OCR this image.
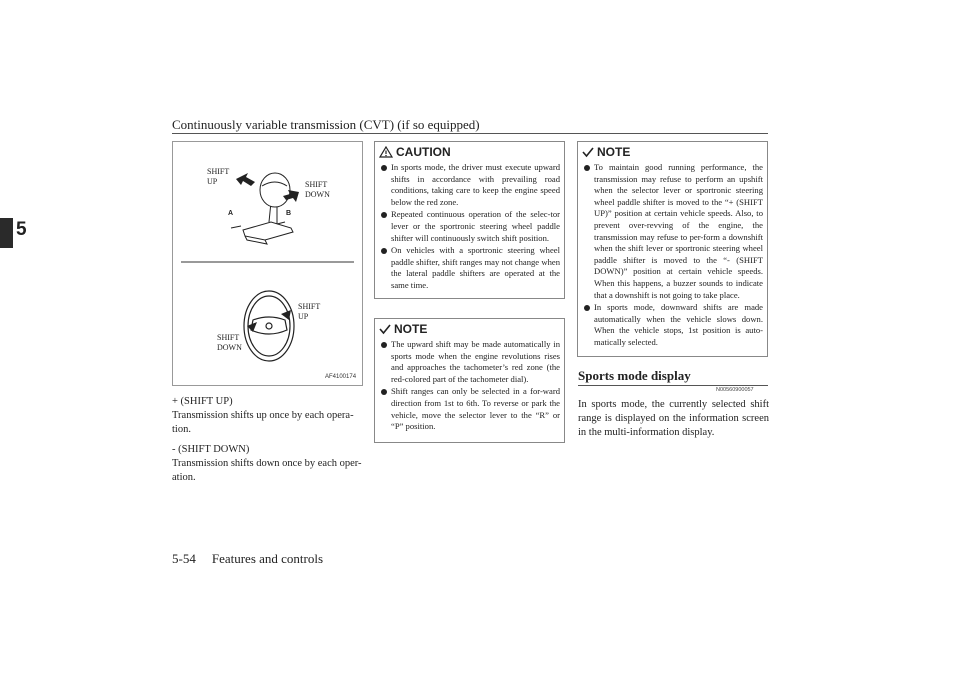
Continuously variable transmission (CVT) (if so equipped)
5
SHIFT
UP	SHIFT
DOWN
A	B
SHIFT
UP
SHIFT
DOWN
AF4100174
+ (SHIFT UP)
Transmission shifts up once by each opera-
tion.
- (SHIFT DOWN)
Transmission shifts down once by each oper-
ation.
CAUTION
In sports mode, the driver must execute upward shifts in accordance with prevailing road conditions, taking care to keep the engine speed below the red zone.
Repeated continuous operation of the selec-tor lever or the sportronic steering wheel paddle shifter will continuously switch shift position.
On vehicles with a sportronic steering wheel paddle shifter, shift ranges may not change when the lateral paddle shifters are operated at the same time.
NOTE
The upward shift may be made automatically in sports mode when the engine revolutions rises and approaches the tachometer’s red zone (the red-colored part of the tachometer dial).
Shift ranges can only be selected in a for-ward direction from 1st to 6th. To reverse or park the vehicle, move the selector lever to the “R” or “P” position.
NOTE
To maintain good running performance, the transmission may refuse to perform an upshift when the selector lever or sportronic steering wheel paddle shifter is moved to the “+ (SHIFT UP)” position at certain vehicle speeds. Also, to prevent over-revving of the engine, the transmission may refuse to per-form a downshift when the shift lever or sportronic steering wheel paddle shifter is moved to the “- (SHIFT DOWN)” position at certain vehicle speeds. When this happens, a buzzer sounds to indicate that a downshift is not going to take place.
In sports mode, downward shifts are made automatically when the vehicle slows down. When the vehicle stops, 1st position is auto-matically selected.
Sports mode display
N00560900057
In sports mode, the currently selected shift range is displayed on the information screen in the multi-information display.
5-54 Features and controls
